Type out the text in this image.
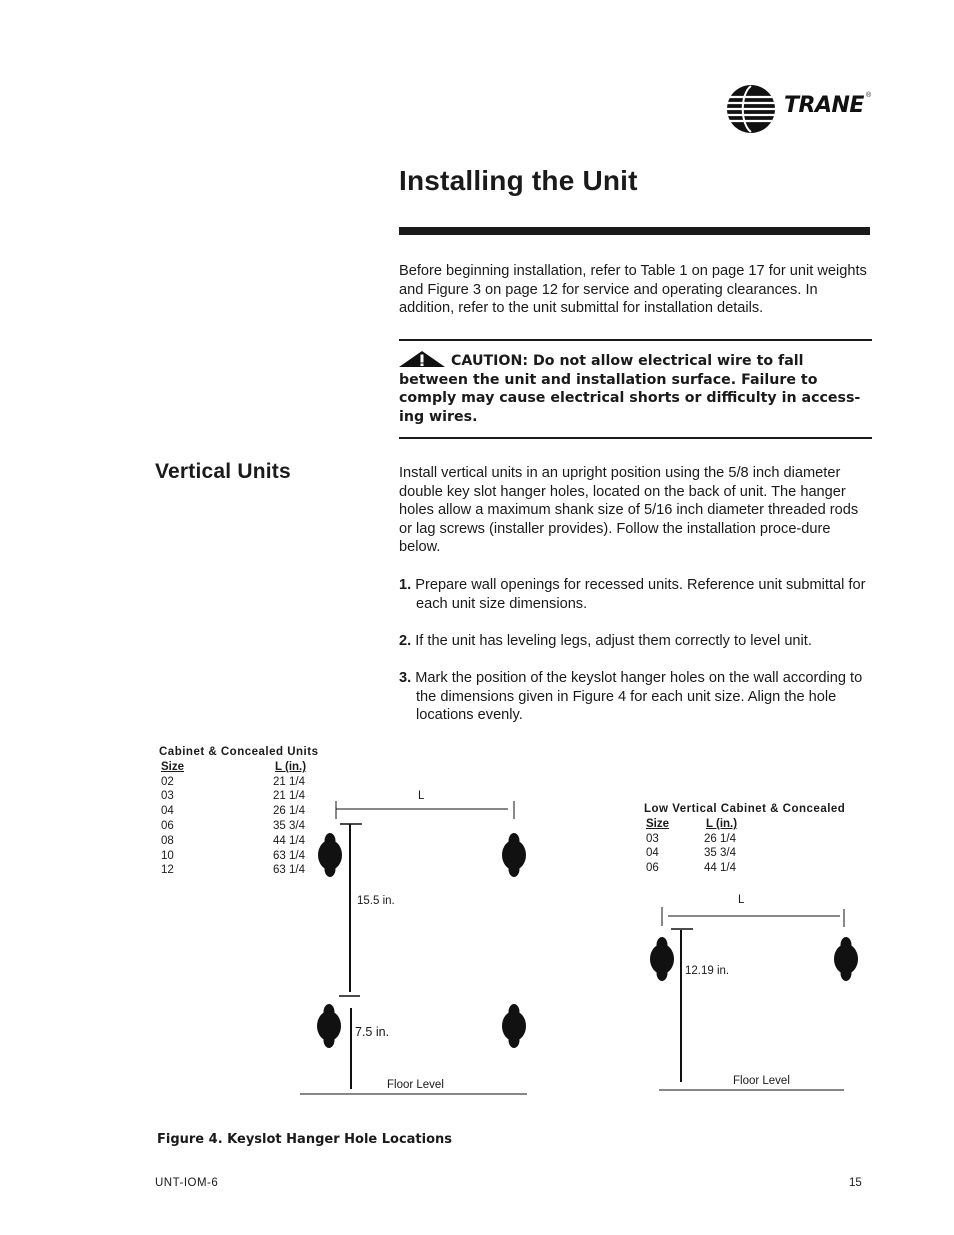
TRANE ®
Installing the Unit
Before beginning installation, refer to Table 1 on page 17 for unit weights and Figure 3 on page 12 for service and operating clearances. In addition, refer to the unit submittal for installation details.
CAUTION: Do not allow electrical wire to fall between the unit and installation surface. Failure to comply may cause electrical shorts or difficulty in access-ing wires.
Vertical Units	Install vertical units in an upright position using the 5/8 inch diameter double key slot hanger holes, located on the back of unit. The hanger holes allow a maximum shank size of 5/16 inch diameter threaded rods or lag screws (installer provides). Follow the installation proce-dure below.
1. Prepare wall openings for recessed units. Reference unit submittal for each unit size dimensions.
2. If the unit has leveling legs, adjust them correctly to level unit.
3. Mark the position of the keyslot hanger holes on the wall according to the dimensions given in Figure 4 for each unit size. Align the hole locations evenly.
Cabinet & Concealed Units
Size	L (in.)
02	21 1/4
03	21 1/4
04	26 1/4
06	35 3/4
08	44 1/4
10	63 1/4
12	63 1/4
Low Vertical Cabinet & Concealed
Size	L (in.)
03	26 1/4
04	35 3/4
06	44 1/4
L
15.5 in.
7.5 in.
Floor Level
L
12.19 in.
Floor Level
Figure 4. Keyslot Hanger Hole Locations
UNT-IOM-6	15
